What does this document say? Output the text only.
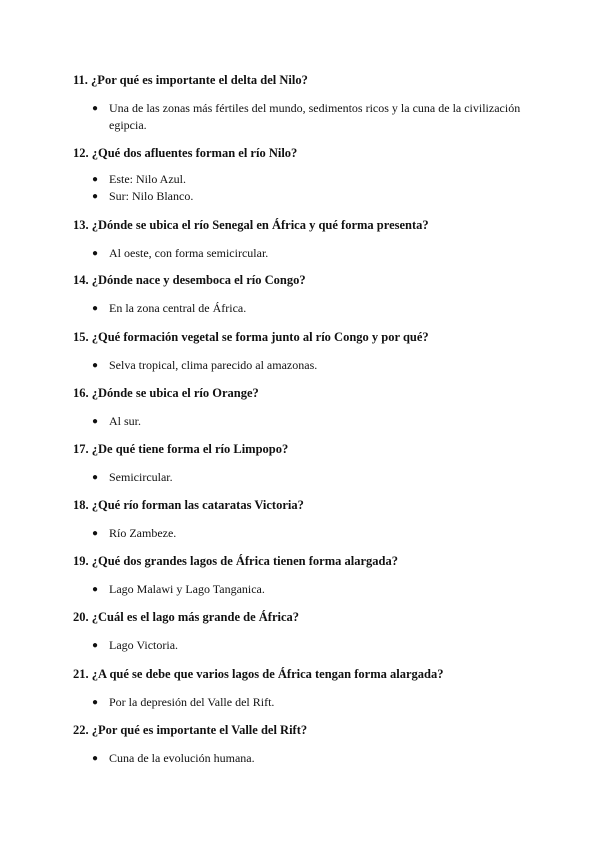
11. ¿Por qué es importante el delta del Nilo?

● Una de las zonas más fértiles del mundo, sedimentos ricos y la cuna de la civilización egipcia.

12. ¿Qué dos afluentes forman el río Nilo?

● Este: Nilo Azul.
● Sur: Nilo Blanco.

13. ¿Dónde se ubica el río Senegal en África y qué forma presenta?

● Al oeste, con forma semicircular.

14. ¿Dónde nace y desemboca el río Congo?

● En la zona central de África.

15. ¿Qué formación vegetal se forma junto al río Congo y por qué?

● Selva tropical, clima parecido al amazonas.

16. ¿Dónde se ubica el río Orange?

● Al sur.

17. ¿De qué tiene forma el río Limpopo?

● Semicircular.

18. ¿Qué río forman las cataratas Victoria?

● Río Zambeze.

19. ¿Qué dos grandes lagos de África tienen forma alargada?

● Lago Malawi y Lago Tanganica.

20. ¿Cuál es el lago más grande de África?

● Lago Victoria.

21. ¿A qué se debe que varios lagos de África tengan forma alargada?

● Por la depresión del Valle del Rift.

22. ¿Por qué es importante el Valle del Rift?

● Cuna de la evolución humana.
